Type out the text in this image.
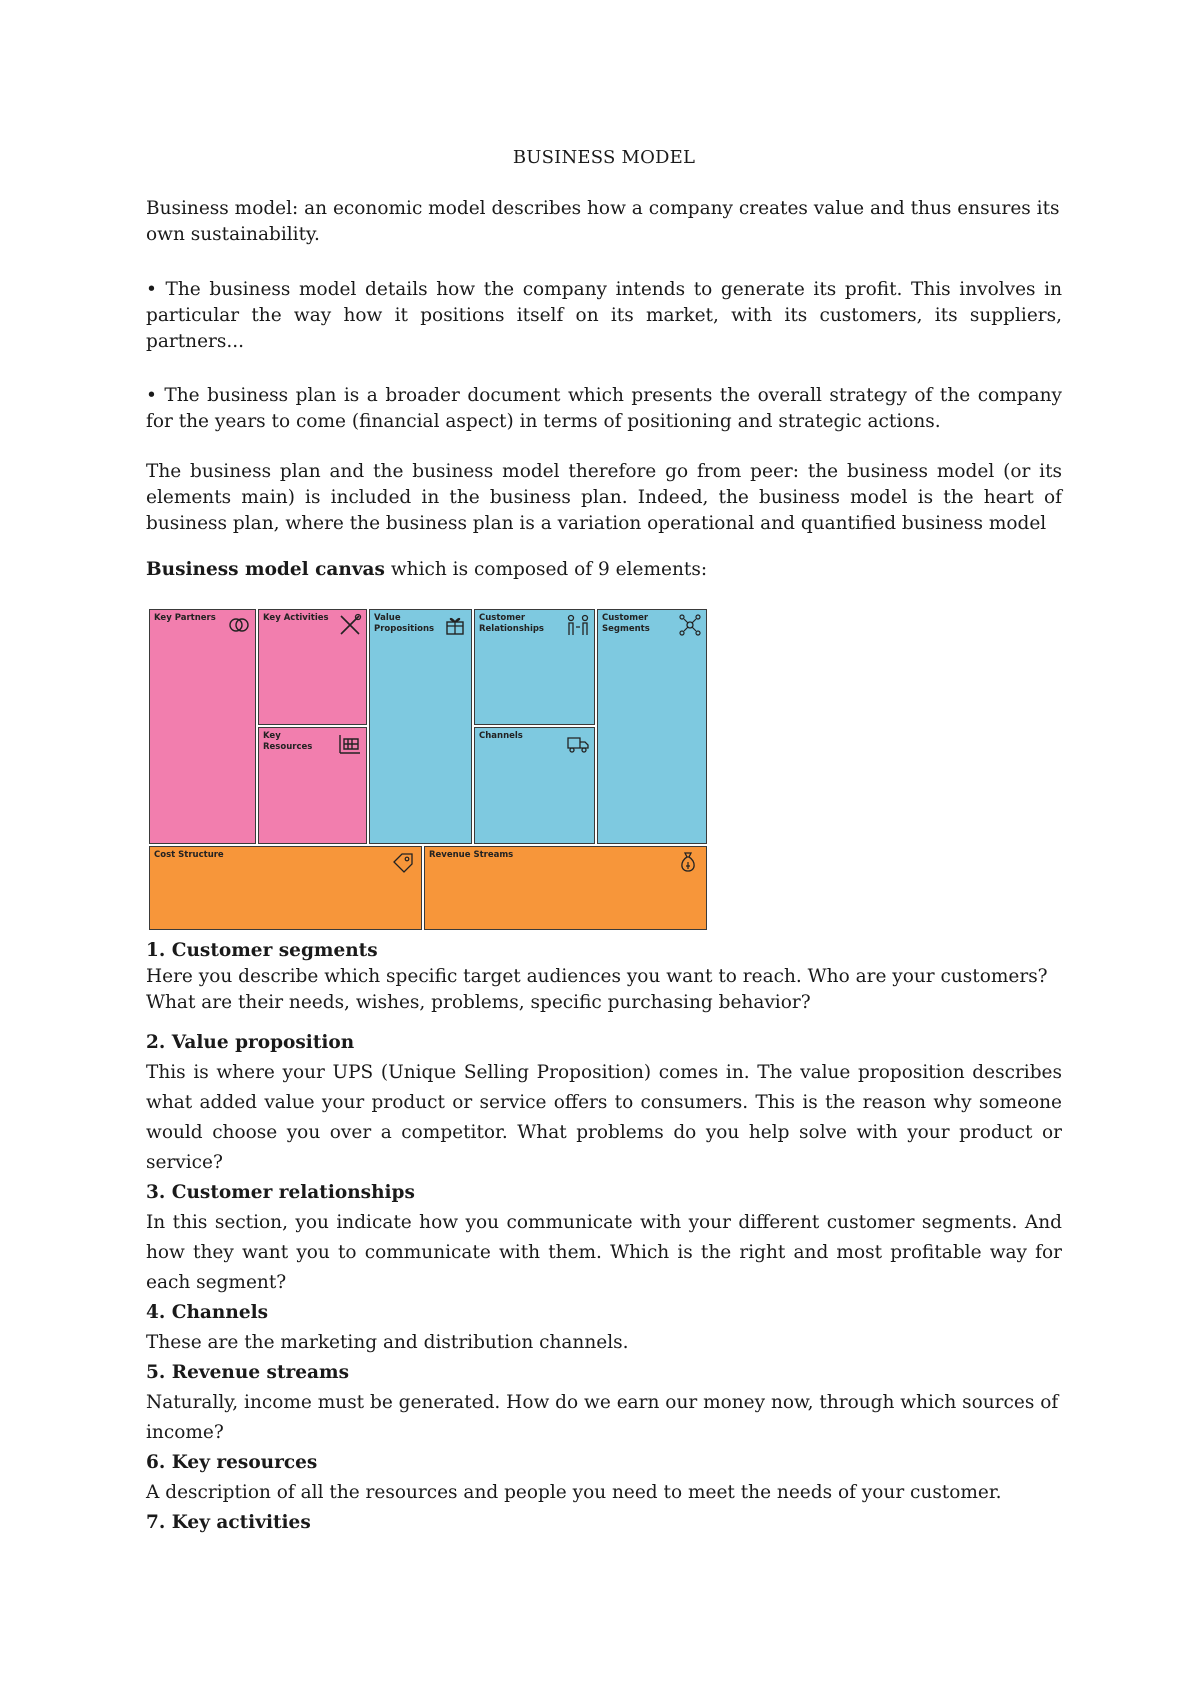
BUSINESS MODEL

Business model: an economic model describes how a company creates value and thus ensures its own sustainability.

• The business model details how the company intends to generate its profit. This involves in particular the way how it positions itself on its market, with its customers, its suppliers, partners...

• The business plan is a broader document which presents the overall strategy of the company for the years to come (financial aspect) in terms of positioning and strategic actions.

The business plan and the business model therefore go from peer: the business model (or its elements main) is included in the business plan. Indeed, the business model is the heart of business plan, where the business plan is a variation operational and quantified business model

Business model canvas which is composed of 9 elements:

Key Partners	Key Activities
Key Resources
Value Propositions
Customer Relationships
Channels
Customer Segments
Cost Structure	Revenue Streams

1. Customer segments
Here you describe which specific target audiences you want to reach. Who are your customers? What are their needs, wishes, problems, specific purchasing behavior?

2. Value proposition
This is where your UPS (Unique Selling Proposition) comes in. The value proposition describes what added value your product or service offers to consumers. This is the reason why someone would choose you over a competitor. What problems do you help solve with your product or service?

3. Customer relationships
In this section, you indicate how you communicate with your different customer segments. And how they want you to communicate with them. Which is the right and most profitable way for each segment?

4. Channels
These are the marketing and distribution channels.

5. Revenue streams
Naturally, income must be generated. How do we earn our money now, through which sources of income?

6. Key resources
A description of all the resources and people you need to meet the needs of your customer.

7. Key activities
